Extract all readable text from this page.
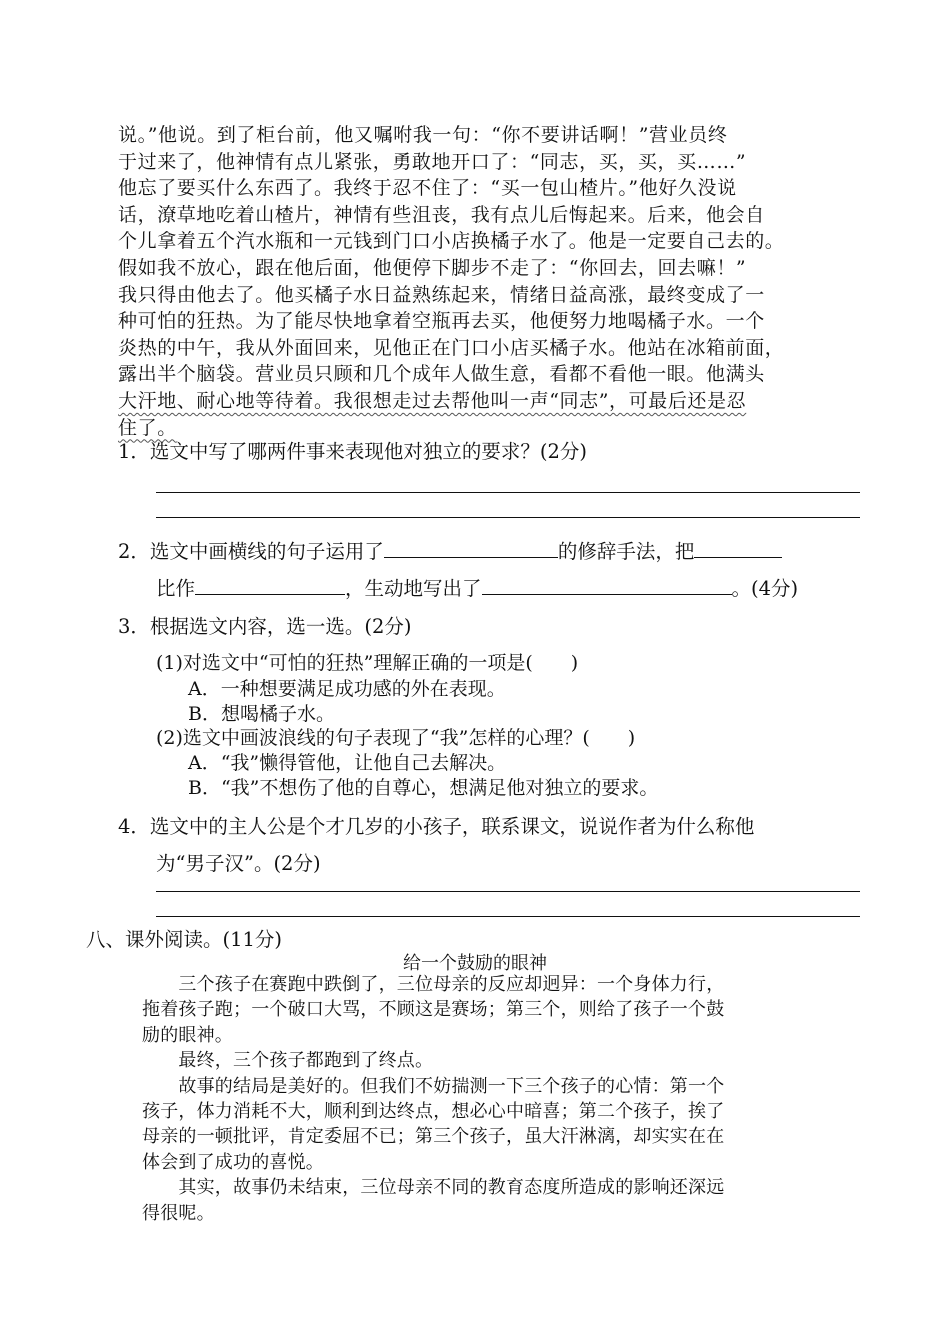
说。”他说。到了柜台前，他又嘱咐我一句：“你不要讲话啊！”营业员终
于过来了，他神情有点儿紧张，勇敢地开口了：“同志，买，买，买……”
他忘了要买什么东西了。我终于忍不住了：“买一包山楂片。”他好久没说
话，潦草地吃着山楂片，神情有些沮丧，我有点儿后悔起来。后来，他会自
个儿拿着五个汽水瓶和一元钱到门口小店换橘子水了。他是一定要自己去的。
假如我不放心，跟在他后面，他便停下脚步不走了：“你回去，回去嘛！”
我只得由他去了。他买橘子水日益熟练起来，情绪日益高涨，最终变成了一
种可怕的狂热。为了能尽快地拿着空瓶再去买，他便努力地喝橘子水。一个
炎热的中午，我从外面回来，见他正在门口小店买橘子水。他站在冰箱前面，
露出半个脑袋。营业员只顾和几个成年人做生意，看都不看他一眼。他满头
大汗地、耐心地等待着。我很想走过去帮他叫一声“同志”，可最后还是忍
住了。
1．选文中写了哪两件事来表现他对独立的要求？(2分)
2．选文中画横线的句子运用了	的修辞手法，把
比作	，生动地写出了	。(4分)
3．根据选文内容，选一选。(2分)
(1)对选文中“可怕的狂热”理解正确的一项是(　　)
A．一种想要满足成功感的外在表现。
B．想喝橘子水。
(2)选文中画波浪线的句子表现了“我”怎样的心理？(　　)
A．“我”懒得管他，让他自己去解决。
B．“我”不想伤了他的自尊心，想满足他对独立的要求。
4．选文中的主人公是个才几岁的小孩子，联系课文，说说作者为什么称他
为“男子汉”。(2分)
八、课外阅读。(11分)
给一个鼓励的眼神
　　三个孩子在赛跑中跌倒了，三位母亲的反应却迥异：一个身体力行，
拖着孩子跑；一个破口大骂，不顾这是赛场；第三个，则给了孩子一个鼓
励的眼神。
　　最终，三个孩子都跑到了终点。
　　故事的结局是美好的。但我们不妨揣测一下三个孩子的心情：第一个
孩子，体力消耗不大，顺利到达终点，想必心中暗喜；第二个孩子，挨了
母亲的一顿批评，肯定委屈不已；第三个孩子，虽大汗淋漓，却实实在在
体会到了成功的喜悦。
　　其实，故事仍未结束，三位母亲不同的教育态度所造成的影响还深远
得很呢。
